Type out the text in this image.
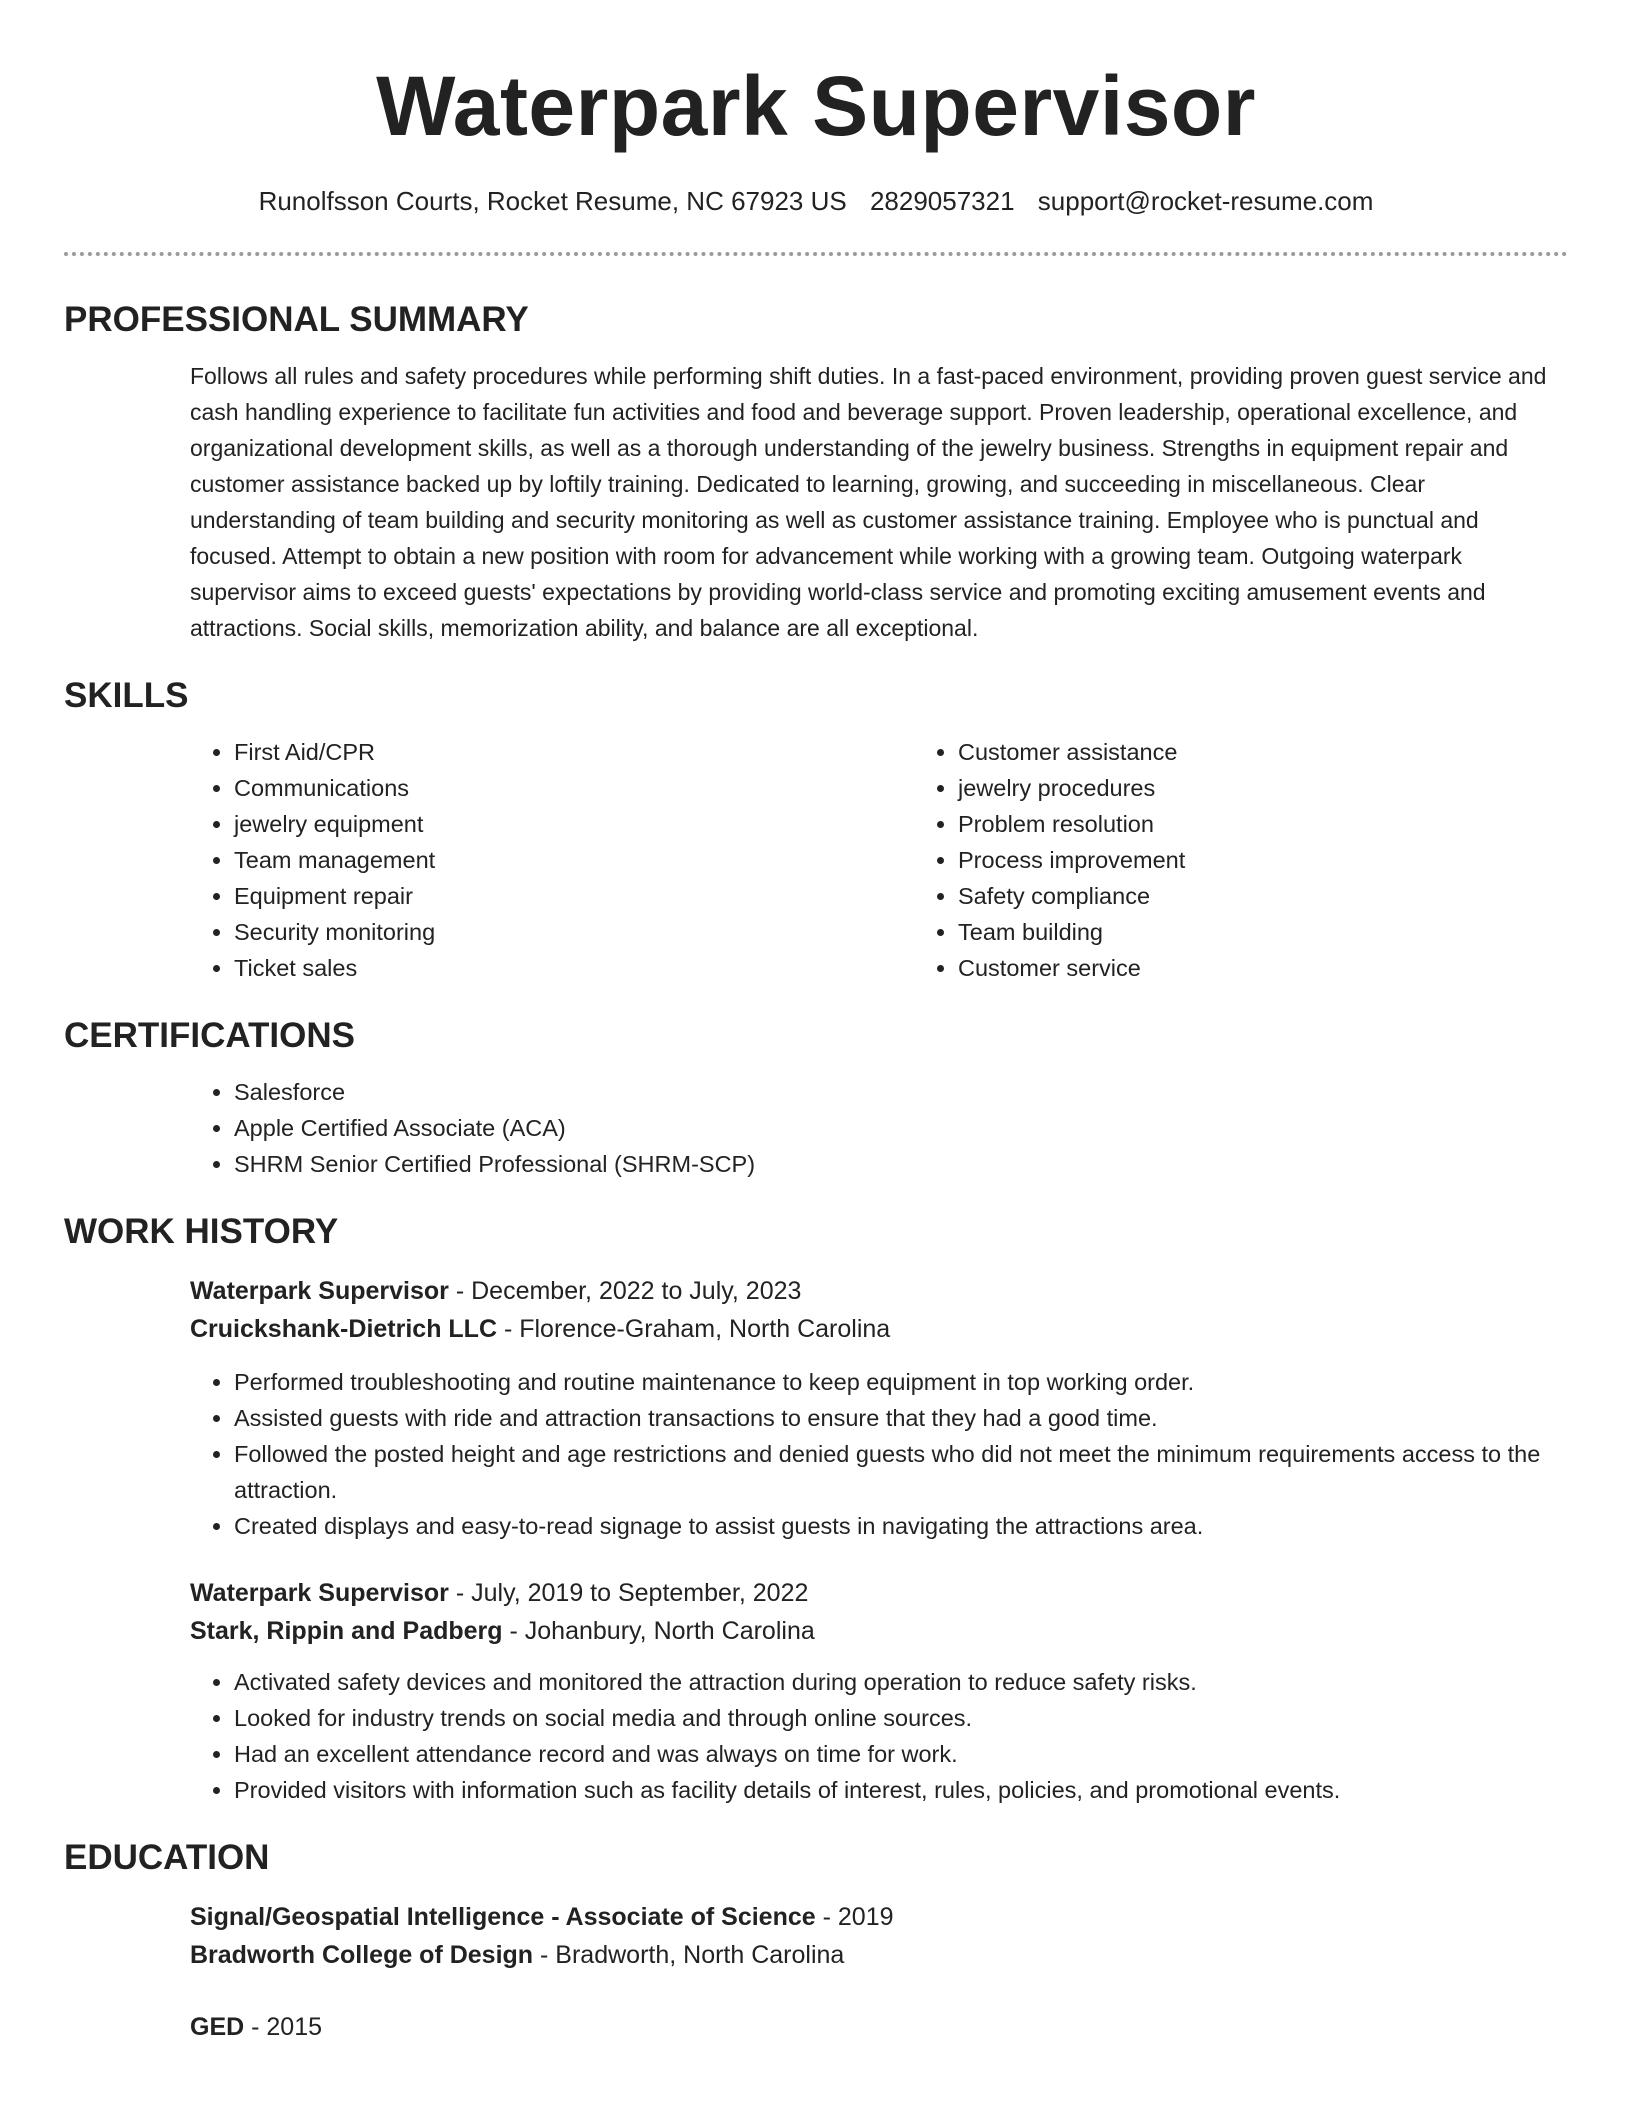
Waterpark Supervisor
Runolfsson Courts, Rocket Resume, NC 67923 US 2829057321 support@rocket-resume.com
PROFESSIONAL SUMMARY

Follows all rules and safety procedures while performing shift duties. In a fast-paced environment, providing proven guest service and cash handling experience to facilitate fun activities and food and beverage support. Proven leadership, operational excellence, and organizational development skills, as well as a thorough understanding of the jewelry business. Strengths in equipment repair and customer assistance backed up by loftily training. Dedicated to learning, growing, and succeeding in miscellaneous. Clear understanding of team building and security monitoring as well as customer assistance training. Employee who is punctual and focused. Attempt to obtain a new position with room for advancement while working with a growing team. Outgoing waterpark supervisor aims to exceed guests' expectations by providing world-class service and promoting exciting amusement events and attractions. Social skills, memorization ability, and balance are all exceptional.

SKILLS
• First Aid/CPR
• Communications
• jewelry equipment
• Team management
• Equipment repair
• Security monitoring
• Ticket sales
• Customer assistance
• jewelry procedures
• Problem resolution
• Process improvement
• Safety compliance
• Team building
• Customer service
CERTIFICATIONS
• Salesforce
• Apple Certified Associate (ACA)
• SHRM Senior Certified Professional (SHRM-SCP)
WORK HISTORY
Waterpark Supervisor - December, 2022 to July, 2023
Cruickshank-Dietrich LLC - Florence-Graham, North Carolina
• Performed troubleshooting and routine maintenance to keep equipment in top working order.
• Assisted guests with ride and attraction transactions to ensure that they had a good time.
• Followed the posted height and age restrictions and denied guests who did not meet the minimum requirements access to the attraction.
• Created displays and easy-to-read signage to assist guests in navigating the attractions area.
Waterpark Supervisor - July, 2019 to September, 2022
Stark, Rippin and Padberg - Johanbury, North Carolina
• Activated safety devices and monitored the attraction during operation to reduce safety risks.
• Looked for industry trends on social media and through online sources.
• Had an excellent attendance record and was always on time for work.
• Provided visitors with information such as facility details of interest, rules, policies, and promotional events.
EDUCATION
Signal/Geospatial Intelligence - Associate of Science - 2019
Bradworth College of Design - Bradworth, North Carolina
GED - 2015
